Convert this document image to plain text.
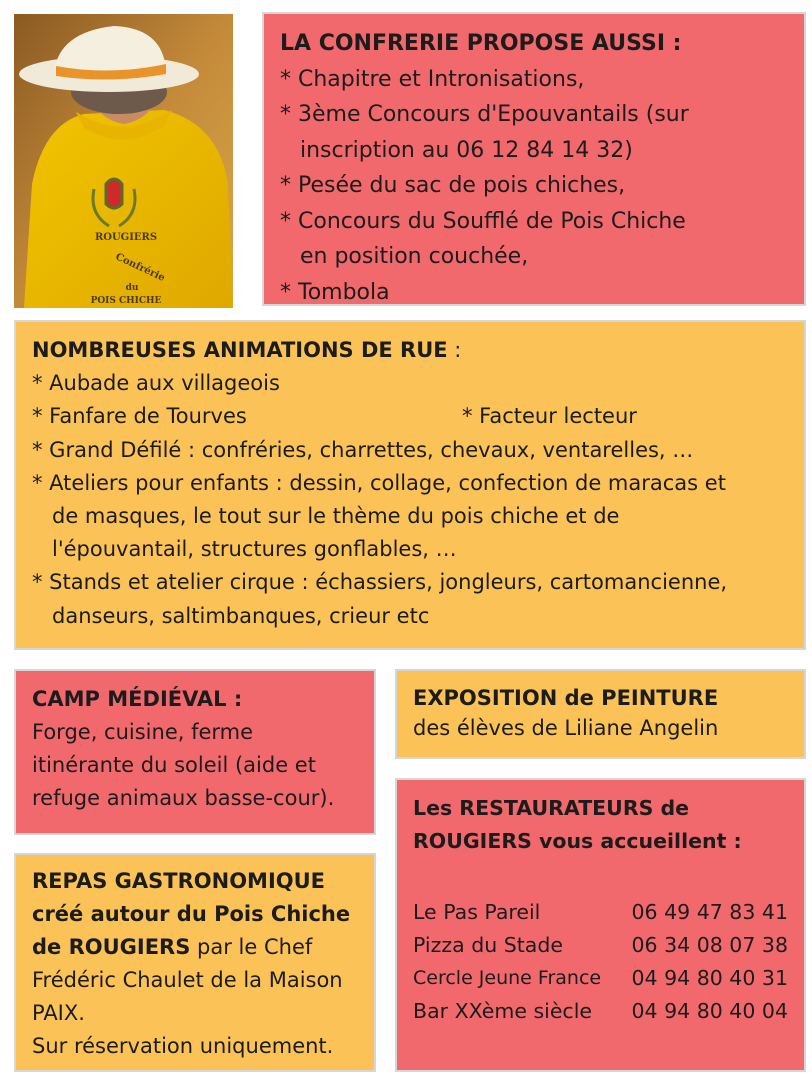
ROUGIERS
Confrérie
du
POIS CHICHE
LA CONFRERIE PROPOSE AUSSI :
* Chapitre et Intronisations,
* 3ème Concours d'Epouvantails (sur
inscription au 06 12 84 14 32)
* Pesée du sac de pois chiches,
* Concours du Soufflé de Pois Chiche
en position couchée,
* Tombola
NOMBREUSES ANIMATIONS DE RUE :
* Aubade aux villageois
* Fanfare de Tourves	* Facteur lecteur
* Grand Défilé : confréries, charrettes, chevaux, ventarelles, …
* Ateliers pour enfants : dessin, collage, confection de maracas et
de masques, le tout sur le thème du pois chiche et de
l'épouvantail, structures gonflables, …
* Stands et atelier cirque : échassiers, jongleurs, cartomancienne,
danseurs, saltimbanques, crieur etc
CAMP MÉDIÉVAL :
Forge, cuisine, ferme
itinérante du soleil (aide et
refuge animaux basse-cour).
EXPOSITION de PEINTURE
des élèves de Liliane Angelin
REPAS GASTRONOMIQUE
créé autour du Pois Chiche
de ROUGIERS par le Chef
Frédéric Chaulet de la Maison
PAIX.
Sur réservation uniquement.
Les RESTAURATEURS de
ROUGIERS vous accueillent :
Le Pas Pareil	06 49 47 83 41
Pizza du Stade	06 34 08 07 38
Cercle Jeune France 04 94 80 40 31
Bar XXème siècle 04 94 80 40 04
